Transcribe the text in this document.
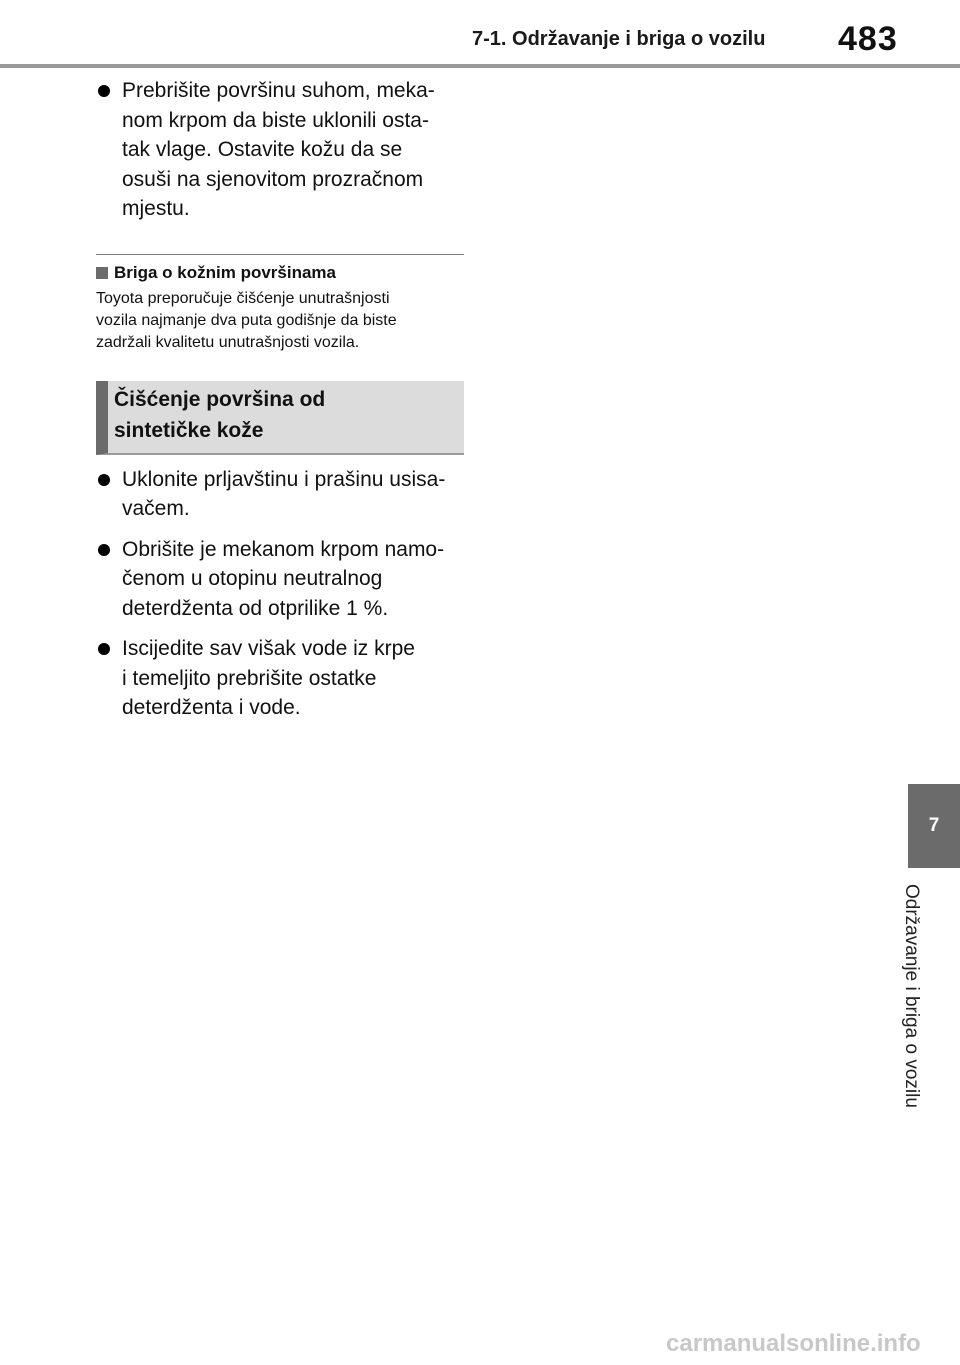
7-1. Održavanje i briga o vozilu	483
7
Održavanje i briga o vozilu
Prebrišite površinu suhom, meka-
nom krpom da biste uklonili osta-
tak vlage. Ostavite kožu da se
osuši na sjenovitom prozračnom
mjestu.
Briga o kožnim površinama
Toyota preporučuje čišćenje unutrašnjosti
vozila najmanje dva puta godišnje da biste
zadržali kvalitetu unutrašnjosti vozila.
Čišćenje površina od
sintetičke kože
Uklonite prljavštinu i prašinu usisa-
vačem.
Obrišite je mekanom krpom namo-
čenom u otopinu neutralnog
deterdženta od otprilike 1 %.
Iscijedite sav višak vode iz krpe
i temeljito prebrišite ostatke
deterdženta i vode.
carmanualsonline.info
